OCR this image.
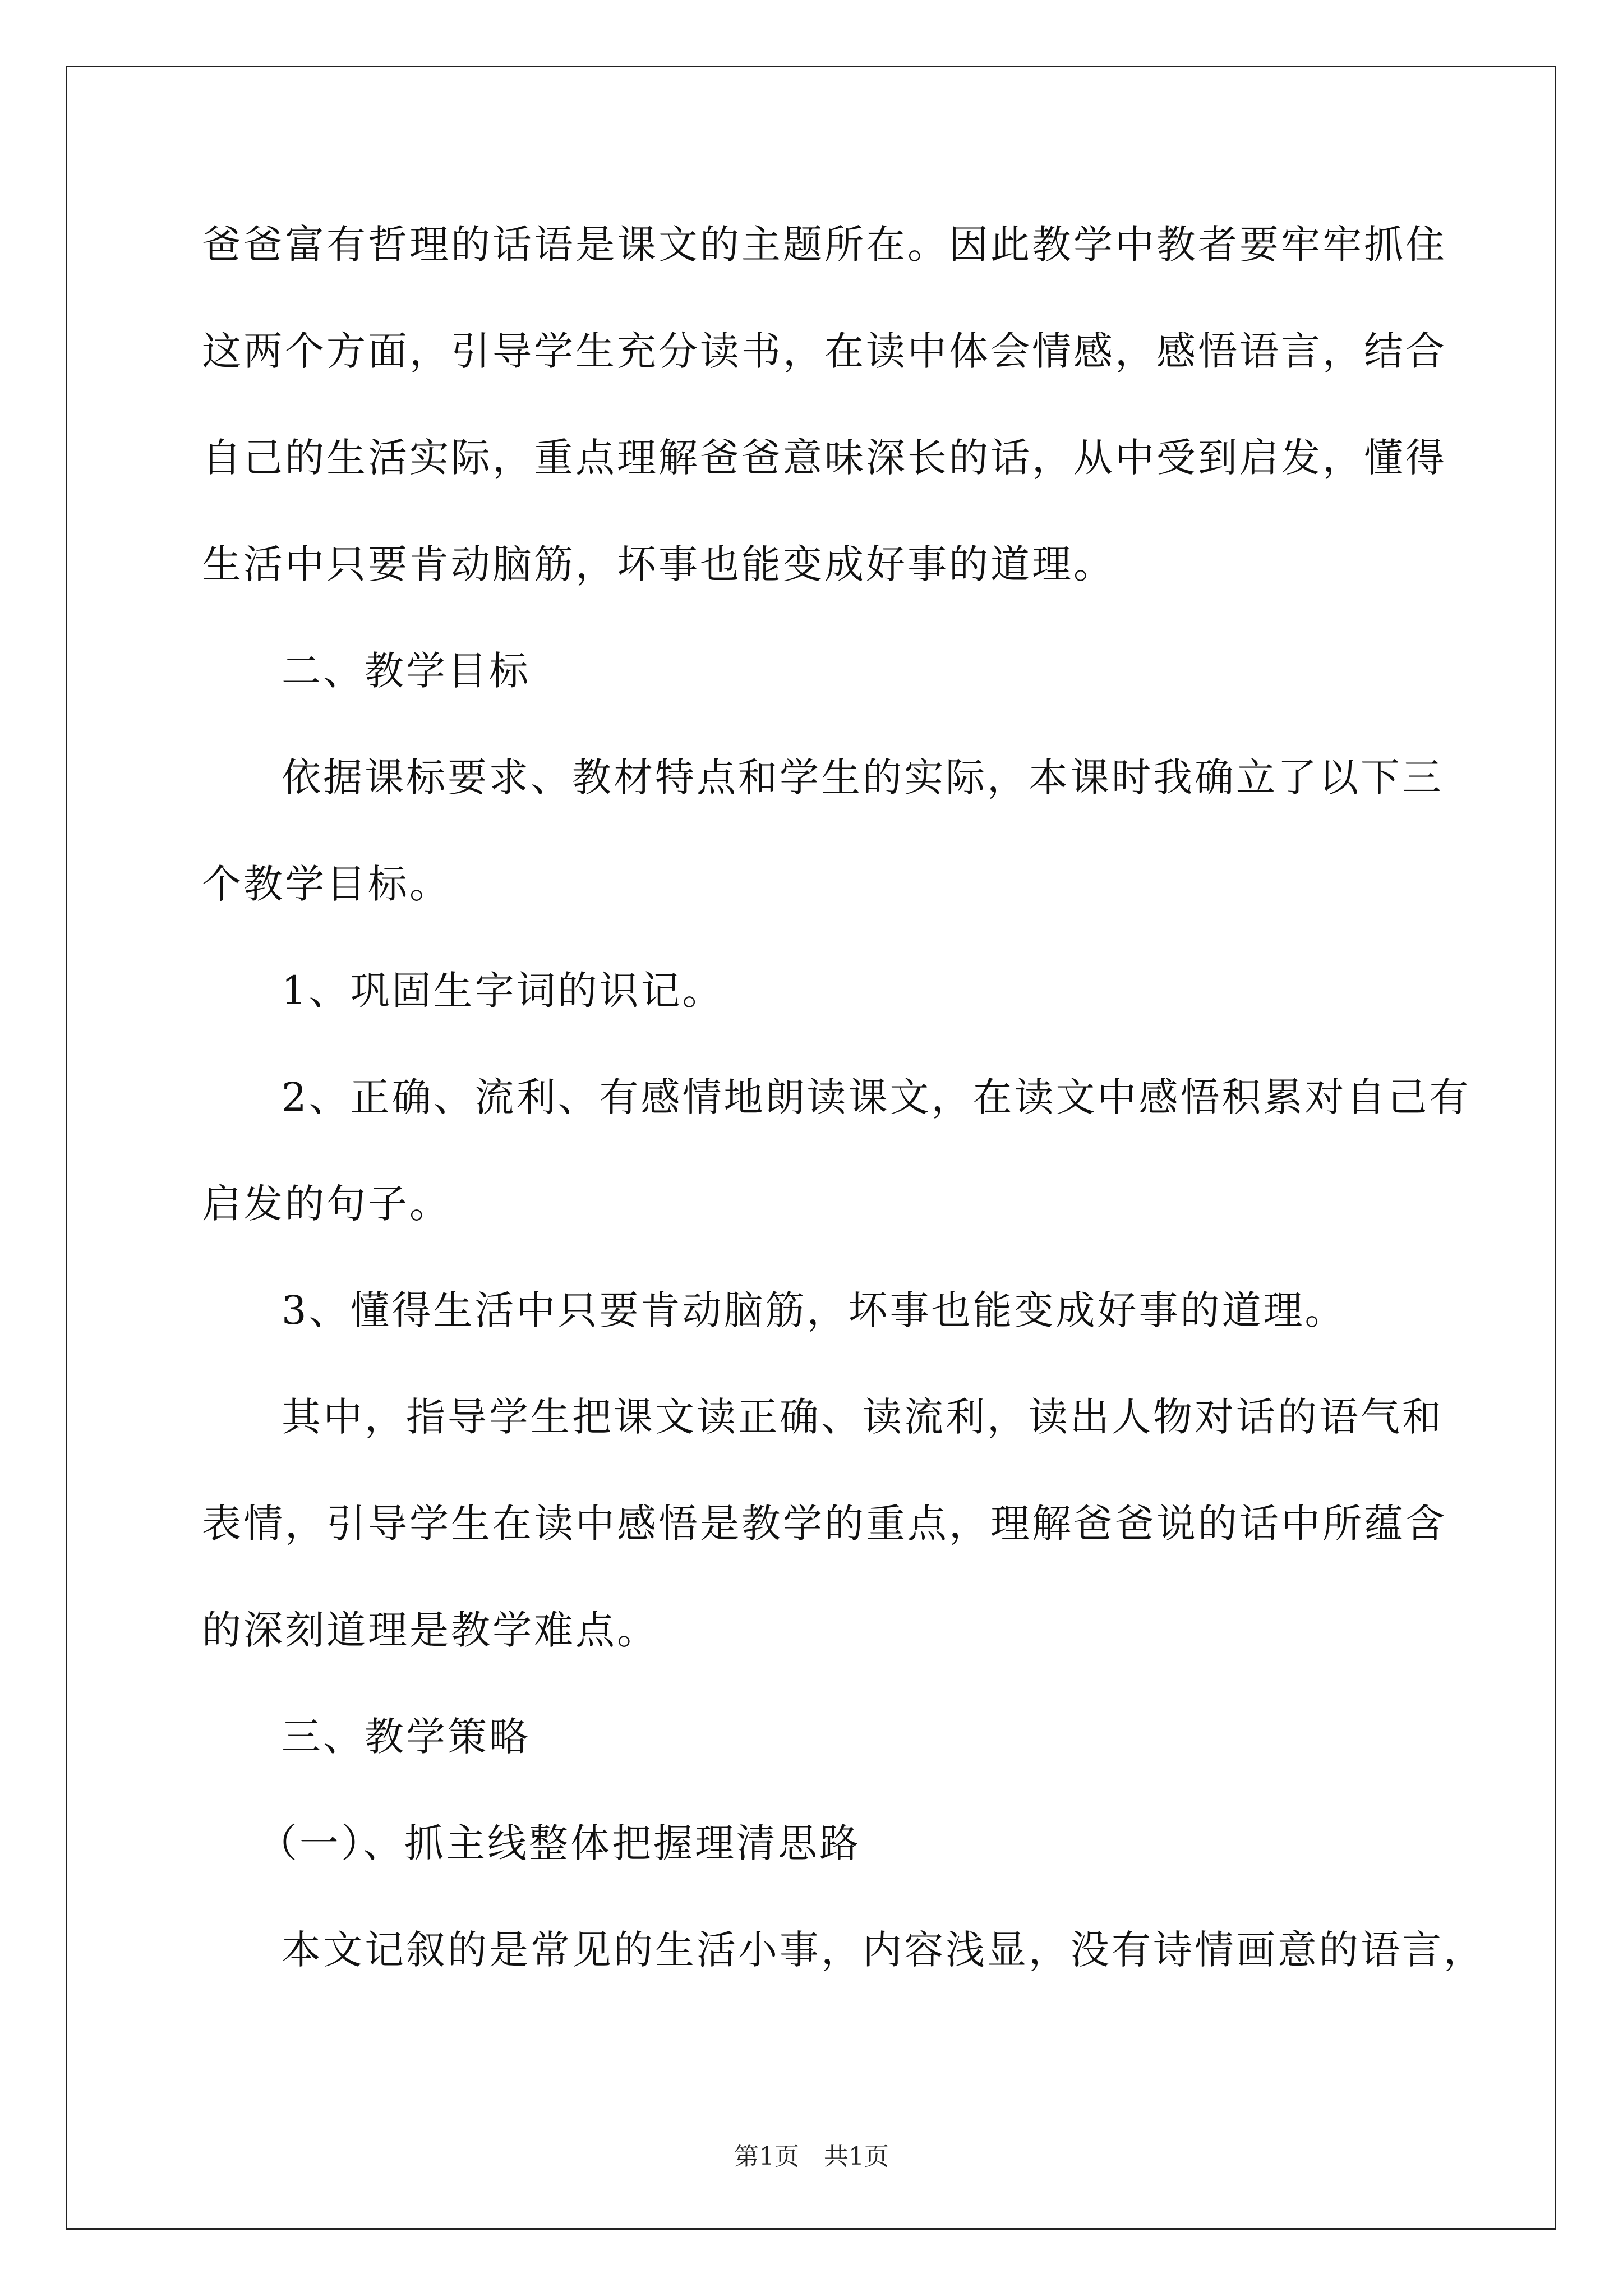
爸爸富有哲理的话语是课文的主题所在。因此教学中教者要牢牢抓住
这两个方面，引导学生充分读书，在读中体会情感，感悟语言，结合
自己的生活实际，重点理解爸爸意味深长的话，从中受到启发，懂得
生活中只要肯动脑筋，坏事也能变成好事的道理。
二、教学目标
依据课标要求、教材特点和学生的实际，本课时我确立了以下三
个教学目标。
1、巩固生字词的识记。
2、正确、流利、有感情地朗读课文，在读文中感悟积累对自己有
启发的句子。
3、懂得生活中只要肯动脑筋，坏事也能变成好事的道理。
其中，指导学生把课文读正确、读流利，读出人物对话的语气和
表情，引导学生在读中感悟是教学的重点，理解爸爸说的话中所蕴含
的深刻道理是教学难点。
三、教学策略
（一）、抓主线整体把握理清思路
本文记叙的是常见的生活小事，内容浅显，没有诗情画意的语言，
第1页　共1页
